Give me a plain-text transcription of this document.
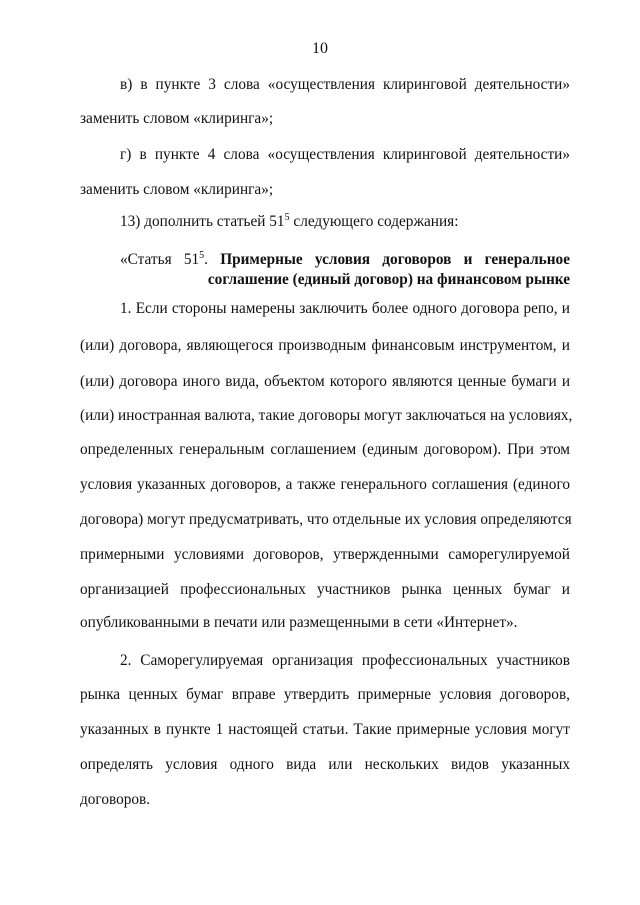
10
в) в пункте 3 слова «осуществления клиринговой деятельности»
заменить словом «клиринга»;
г) в пункте 4 слова «осуществления клиринговой деятельности»
заменить словом «клиринга»;
13) дополнить статьей $51^5$ следующего содержания:
«Статья $51^5$. Примерные условия договоров и генеральное
соглашение (единый договор) на финансовом рынке
1. Если стороны намерены заключить более одного договора репо, и
(или) договора, являющегося производным финансовым инструментом, и
(или) договора иного вида, объектом которого являются ценные бумаги и
(или) иностранная валюта, такие договоры могут заключаться на условиях,
определенных генеральным соглашением (единым договором). При этом
условия указанных договоров, а также генерального соглашения (единого
договора) могут предусматривать, что отдельные их условия определяются
примерными условиями договоров, утвержденными саморегулируемой
организацией профессиональных участников рынка ценных бумаг и
опубликованными в печати или размещенными в сети «Интернет».
2. Саморегулируемая организация профессиональных участников
рынка ценных бумаг вправе утвердить примерные условия договоров,
указанных в пункте 1 настоящей статьи. Такие примерные условия могут
определять условия одного вида или нескольких видов указанных
договоров.
